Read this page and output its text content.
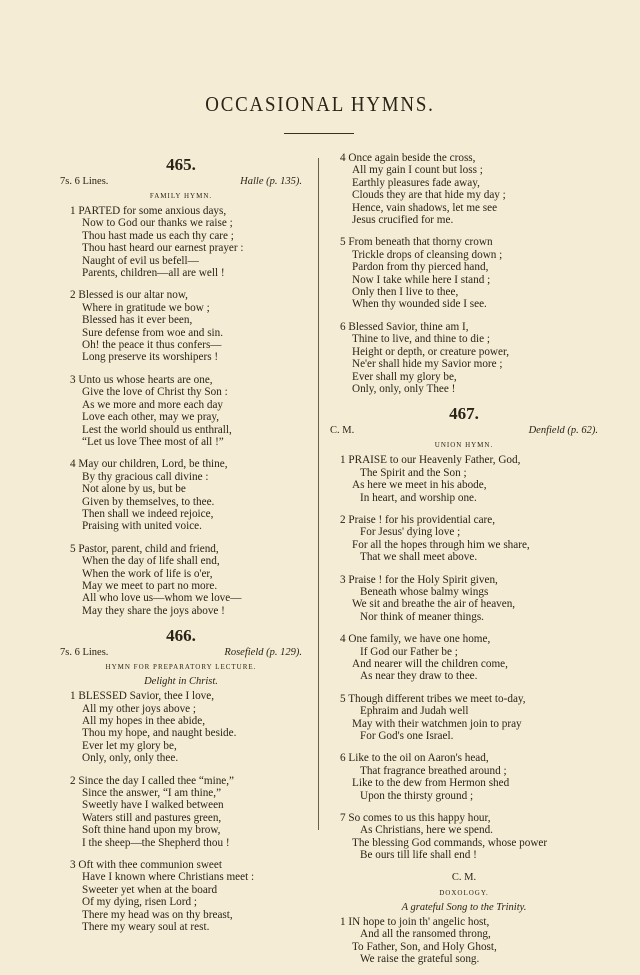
OCCASIONAL HYMNS.
465.
7s. 6 Lines.	Halle (p. 135).
FAMILY HYMN.
1 PARTED for some anxious days,
Now to God our thanks we raise ;
Thou hast made us each thy care ;
Thou hast heard our earnest prayer :
Naught of evil us befell—
Parents, children—all are well !
2 Blessed is our altar now,
Where in gratitude we bow ;
Blessed has it ever been,
Sure defense from woe and sin.
Oh! the peace it thus confers—
Long preserve its worshipers !
3 Unto us whose hearts are one,
Give the love of Christ thy Son :
As we more and more each day
Love each other, may we pray,
Lest the world should us enthrall,
“Let us love Thee most of all !”
4 May our children, Lord, be thine,
By thy gracious call divine :
Not alone by us, but be
Given by themselves, to thee.
Then shall we indeed rejoice,
Praising with united voice.
5 Pastor, parent, child and friend,
When the day of life shall end,
When the work of life is o'er,
May we meet to part no more.
All who love us—whom we love—
May they share the joys above !
466.
7s. 6 Lines.	Rosefield (p. 129).
HYMN FOR PREPARATORY LECTURE.
Delight in Christ.
1 BLESSED Savior, thee I love,
All my other joys above ;
All my hopes in thee abide,
Thou my hope, and naught beside.
Ever let my glory be,
Only, only, only thee.
2 Since the day I called thee “mine,”
Since the answer, “I am thine,”
Sweetly have I walked between
Waters still and pastures green,
Soft thine hand upon my brow,
I the sheep—the Shepherd thou !
3 Oft with thee communion sweet
Have I known where Christians meet :
Sweeter yet when at the board
Of my dying, risen Lord ;
There my head was on thy breast,
There my weary soul at rest.
4 Once again beside the cross,
All my gain I count but loss ;
Earthly pleasures fade away,
Clouds they are that hide my day ;
Hence, vain shadows, let me see
Jesus crucified for me.
5 From beneath that thorny crown
Trickle drops of cleansing down ;
Pardon from thy pierced hand,
Now I take while here I stand ;
Only then I live to thee,
When thy wounded side I see.
6 Blessed Savior, thine am I,
Thine to live, and thine to die ;
Height or depth, or creature power,
Ne'er shall hide my Savior more ;
Ever shall my glory be,
Only, only, only Thee !
467.
C. M.	Denfield (p. 62).
UNION HYMN.
1 PRAISE to our Heavenly Father, God,
The Spirit and the Son ;
As here we meet in his abode,
In heart, and worship one.
2 Praise ! for his providential care,
For Jesus' dying love ;
For all the hopes through him we share,
That we shall meet above.
3 Praise ! for the Holy Spirit given,
Beneath whose balmy wings
We sit and breathe the air of heaven,
Nor think of meaner things.
4 One family, we have one home,
If God our Father be ;
And nearer will the children come,
As near they draw to thee.
5 Though different tribes we meet to-day,
Ephraim and Judah well
May with their watchmen join to pray
For God's one Israel.
6 Like to the oil on Aaron's head,
That fragrance breathed around ;
Like to the dew from Hermon shed
Upon the thirsty ground ;
7 So comes to us this happy hour,
As Christians, here we spend.
The blessing God commands, whose power
Be ours till life shall end !
C. M.
DOXOLOGY.
A grateful Song to the Trinity.
1 IN hope to join th' angelic host,
And all the ransomed throng,
To Father, Son, and Holy Ghost,
We raise the grateful song.
